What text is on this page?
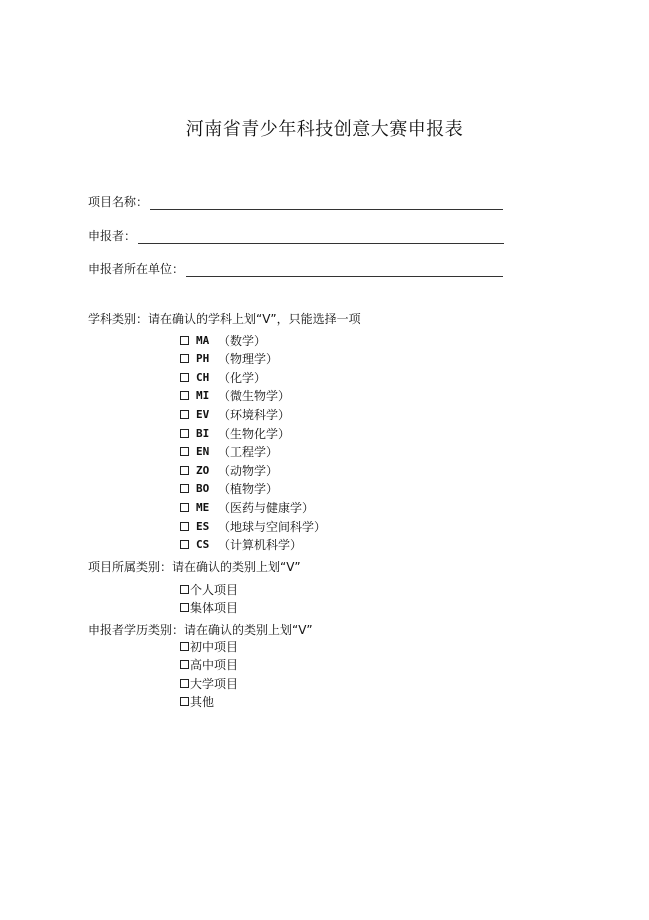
河南省青少年科技创意大赛申报表
项目名称：
申报者：
申报者所在单位：
学科类别：请在确认的学科上划“V”，只能选择一项
MA （数学）
PH （物理学）
CH （化学）
MI （微生物学）
EV （环境科学）
BI （生物化学）
EN （工程学）
ZO （动物学）
BO （植物学）
ME （医药与健康学）
ES （地球与空间科学）
CS （计算机科学）
项目所属类别：请在确认的类别上划“V”
个人项目
集体项目
申报者学历类别：请在确认的类别上划“V”
初中项目
高中项目
大学项目
其他
